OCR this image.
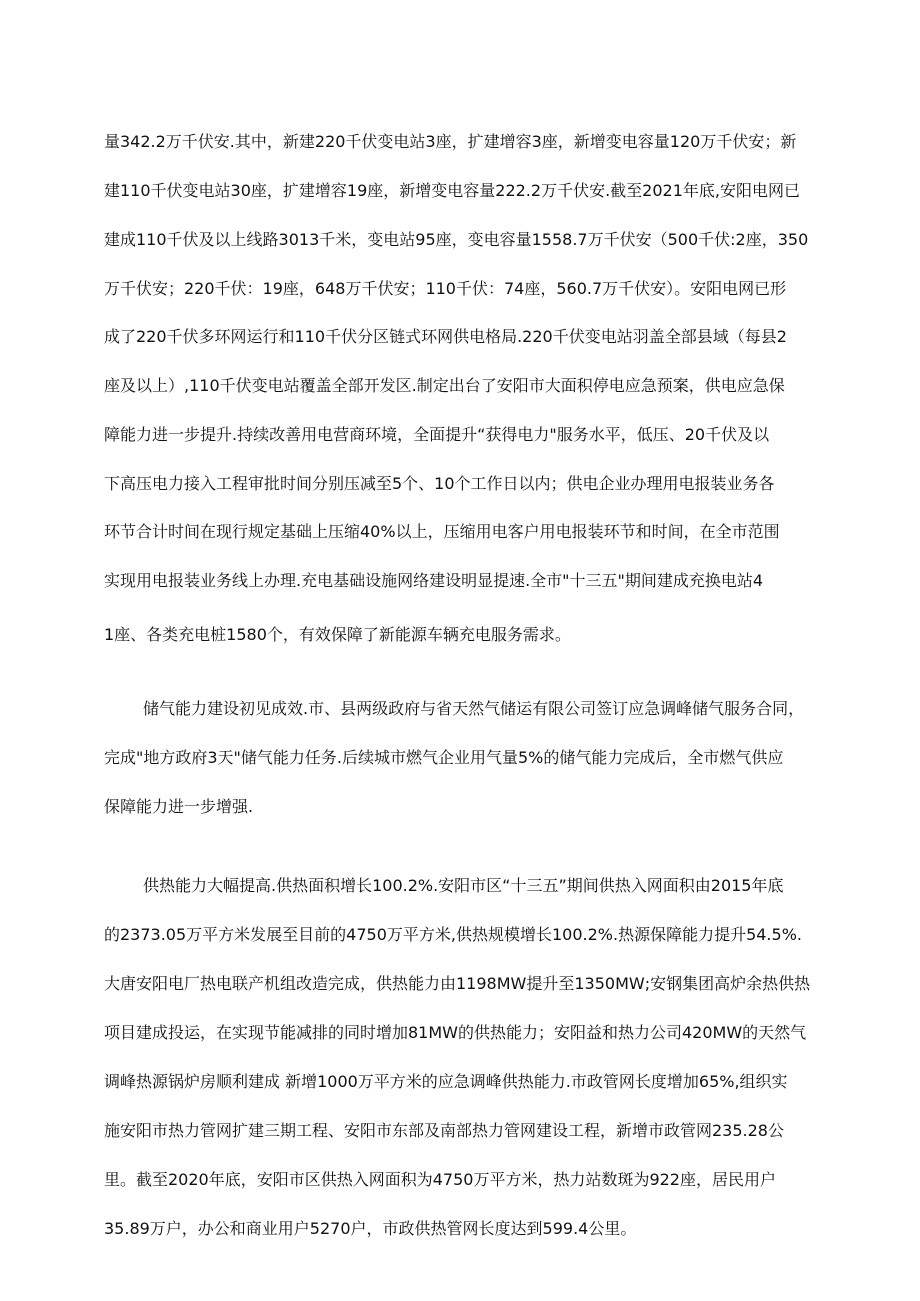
量342.2万千伏安.其中，新建220千伏变电站3座，扩建增容3座，新增变电容量120万千伏安；新
建110千伏变电站30座，扩建增容19座，新增变电容量222.2万千伏安.截至2021年底,安阳电网已
建成110千伏及以上线路3013千米，变电站95座，变电容量1558.7万千伏安（500千伏:2座，350
万千伏安；220千伏：19座，648万千伏安；110千伏：74座，560.7万千伏安）。安阳电网已形
成了220千伏多环网运行和110千伏分区链式环网供电格局.220千伏变电站羽盖全部县域（每县2
座及以上）,110千伏变电站覆盖全部开发区.制定出台了安阳市大面积停电应急预案，供电应急保
障能力进一步提升.持续改善用电营商环境，全面提升“获得电力"服务水平，低压、20千伏及以
下高压电力接入工程审批时间分别压减至5个、10个工作日以内；供电企业办理用电报装业务各
环节合计时间在现行规定基础上压缩40%以上，压缩用电客户用电报装环节和时间，在全市范围
实现用电报装业务线上办理.充电基础设施网络建设明显提速.全市"十三五"期间建成充换电站4
1座、各类充电桩1580个，有效保障了新能源车辆充电服务需求。
储气能力建设初见成效.市、县两级政府与省天然气储运有限公司签订应急调峰储气服务合同，
完成"地方政府3天"储气能力任务.后续城市燃气企业用气量5%的储气能力完成后，全市燃气供应
保障能力进一步增强.
供热能力大幅提高.供热面积增长100.2%.安阳市区“十三五”期间供热入网面积由2015年底
的2373.05万平方米发展至目前的4750万平方米,供热规模增长100.2%.热源保障能力提升54.5%.
大唐安阳电厂热电联产机组改造完成，供热能力由1198MW提升至1350MW;安钢集团高炉余热供热
项目建成投运，在实现节能减排的同时增加81MW的供热能力；安阳益和热力公司420MW的天然气
调峰热源锅炉房顺利建成 新增1000万平方米的应急调峰供热能力.市政管网长度增加65%,组织实
施安阳市热力管网扩建三期工程、安阳市东部及南部热力管网建设工程，新增市政管网235.28公
里。截至2020年底，安阳市区供热入网面积为4750万平方米，热力站数斑为922座，居民用户
35.89万户，办公和商业用户5270户，市政供热管网长度达到599.4公里。
